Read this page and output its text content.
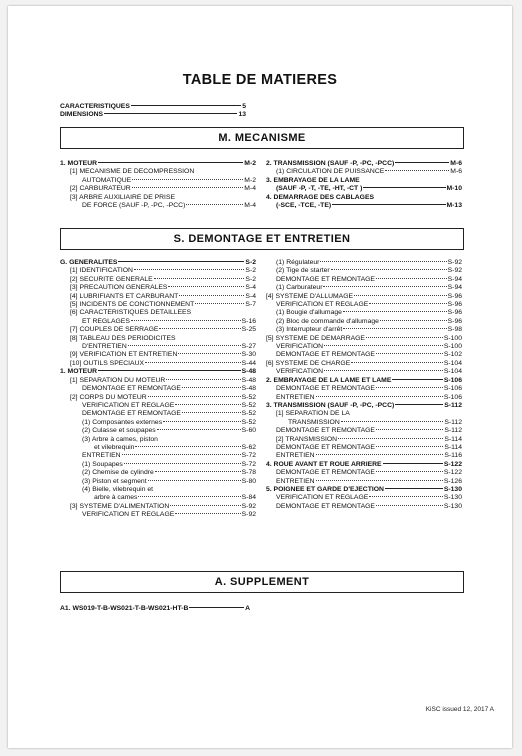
TABLE DE MATIERES
CARACTERISTIQUES	5
DIMENSIONS	13
M. MECANISME
1. MOTEUR	M-2
[1] MECANISME DE DECOMPRESSION
AUTOMATIQUE	M-2
[2] CARBURATEUR	M-4
[3] ARBRE AUXILIAIRE DE PRISE
DE FORCE (SAUF -P, -PC, -PCC)	M-4
2. TRANSMISSION (SAUF -P, -PC, -PCC)	M-6
(1) CIRCULATION DE PUISSANCE	M-6
3. EMBRAYAGE DE LA LAME
(SAUF -P, -T, -TE, -HT, -CT )	M-10
4. DEMARRAGE DES CABLAGES
(-SCE, -TCE, -TE)	M-13
S. DEMONTAGE ET ENTRETIEN
G. GENERALITES	S-2
[1] IDENTIFICATION	S-2
[2] SECURITE GENERALE	S-2
[3] PRECAUTION GENERALES	S-4
[4] LUBRIFIANTS ET CARBURANT	S-4
[5] INCIDENTS DE CONCTIONNEMENT	S-7
[6] CARACTERISTIQUES DETAILLEES
ET REGLAGES	S-16
[7] COUPLES DE SERRAGE	S-25
[8] TABLEAU DES PERIODICITES
D'ENTRETIEN	S-27
[9] VERIFICATION ET ENTRETIEN	S-30
[10] OUTILS SPECIAUX	S-44
1. MOTEUR	S-48
[1] SEPARATION DU MOTEUR	S-48
DEMONTAGE ET REMONTAGE	S-48
[2] CORPS DU MOTEUR	S-52
VERIFICATION ET REGLAGE	S-52
DEMONTAGE ET REMONTAGE	S-52
(1) Composantes externes	S-52
(2) Culasse et soupapes	S-60
(3) Arbre à cames, piston
et vilebrequin	S-62
ENTRETIEN	S-72
(1) Soupapes	S-72
(2) Chemise de cylindre	S-78
(3) Piston et segment	S-80
(4) Bielle, vilebrequin et
arbre à cames	S-84
[3] SYSTEME D'ALIMENTATION	S-92
VERIFICATION ET REGLAGE	S-92
(1) Régulateur	S-92
(2) Tige de starter	S-92
DEMONTAGE ET REMONTAGE	S-94
(1) Carburateur	S-94
[4] SYSTEME D'ALLUMAGE	S-96
VERIFICATION ET REGLAGE	S-96
(1) Bougie d'allumage	S-96
(2) Bloc de commande d'allumage	S-96
(3) Interrupteur d'arrêt	S-98
[5] SYSTEME DE DEMARRAGE	S-100
VERIFICATION	S-100
DEMONTAGE ET REMONTAGE	S-102
[6] SYSTEME DE CHARGE	S-104
VERIFICATION	S-104
2. EMBRAYAGE DE LA LAME ET LAME	S-106
DEMONTAGE ET REMONTAGE	S-106
ENTRETIEN	S-106
3. TRANSMISSION (SAUF -P, -PC, -PCC)	S-112
[1] SEPARATION DE LA
TRANSMISSION	S-112
DEMONTAGE ET REMONTAGE	S-112
[2] TRANSMISSION	S-114
DEMONTAGE ET REMONTAGE	S-114
ENTRETIEN	S-116
4. ROUE AVANT ET ROUE ARRIERE	S-122
DEMONTAGE ET REMONTAGE	S-122
ENTRETIEN	S-126
5. POIGNEE ET GARDE D'EJECTION	S-130
VERIFICATION ET REGLAGE	S-130
DEMONTAGE ET REMONTAGE	S-130
A. SUPPLEMENT
A1. WS019-T-B-WS021-T-B-WS021-HT-B	A
KiSC issued 12, 2017 A
